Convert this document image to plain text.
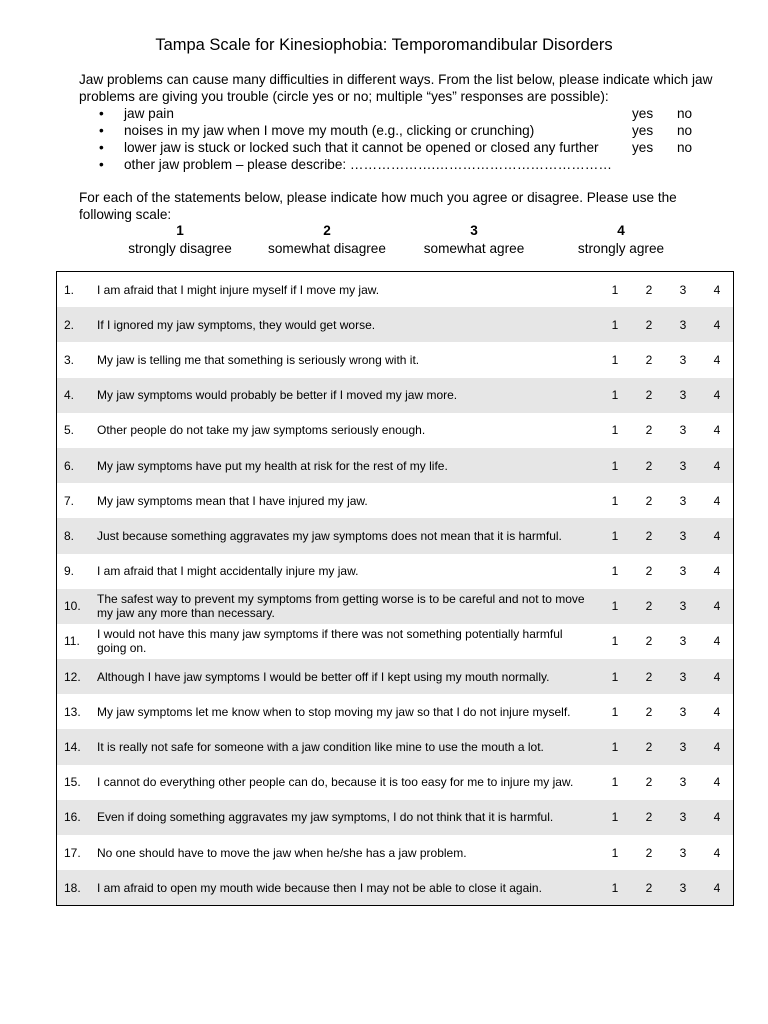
Tampa Scale for Kinesiophobia: Temporomandibular Disorders
Jaw problems can cause many difficulties in different ways. From the list below, please indicate which jaw problems are giving you trouble (circle yes or no; multiple “yes” responses are possible):
• jaw pain	yes no
• noises in my jaw when I move my mouth (e.g., clicking or crunching)	yes no
• lower jaw is stuck or locked such that it cannot be opened or closed any further yes no
• other jaw problem – please describe: ……………….…………………………………
For each of the statements below, please indicate how much you agree or disagree. Please use the following scale:
1
strongly disagree
2
somewhat disagree
3
somewhat agree
4
strongly agree
1. I am afraid that I might injure myself if I move my jaw.	1	2	3	4
2. If I ignored my jaw symptoms, they would get worse.	1	2	3	4
3. My jaw is telling me that something is seriously wrong with it.	1	2	3	4
4. My jaw symptoms would probably be better if I moved my jaw more.	1	2	3	4
5. Other people do not take my jaw symptoms seriously enough.	1	2	3	4
6. My jaw symptoms have put my health at risk for the rest of my life.	1	2	3	4
7. My jaw symptoms mean that I have injured my jaw.	1	2	3	4
8. Just because something aggravates my jaw symptoms does not mean that it is harmful.	1	2	3	4
9. I am afraid that I might accidentally injure my jaw.	1	2	3	4
10. The safest way to prevent my symptoms from getting worse is to be careful and not to move my jaw any more than necessary.	1	2	3	4
11. I would not have this many jaw symptoms if there was not something potentially harmful going on.	1	2	3	4
12. Although I have jaw symptoms I would be better off if I kept using my mouth normally.	1	2	3	4
13. My jaw symptoms let me know when to stop moving my jaw so that I do not injure myself.	1	2	3	4
14. It is really not safe for someone with a jaw condition like mine to use the mouth a lot.	1	2	3	4
15. I cannot do everything other people can do, because it is too easy for me to injure my jaw.	1	2	3	4
16. Even if doing something aggravates my jaw symptoms, I do not think that it is harmful.	1	2	3	4
17. No one should have to move the jaw when he/she has a jaw problem.	1	2	3	4
18. I am afraid to open my mouth wide because then I may not be able to close it again.	1	2	3	4
